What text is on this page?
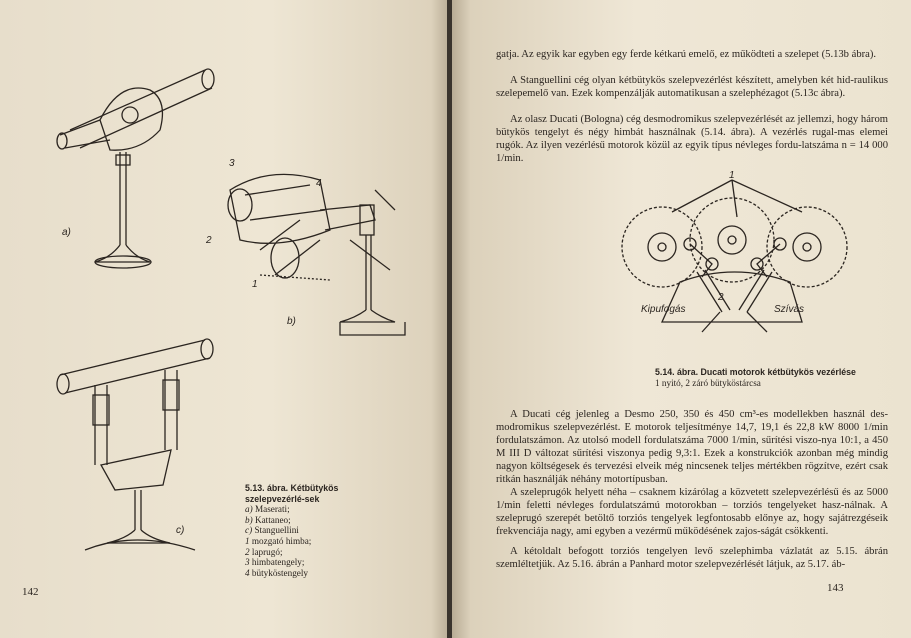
a)
b)
3
4
2
1
c)
5.13. ábra. Kétbütykös szelepvezérlé-sek
a) Maserati;
b) Kattaneo;
c) Stanguellini
1 mozgató himba;
2 laprugó;
3 himbatengely;
4 bütyköstengely
142

gatja. Az egyik kar egyben egy ferde kétkarú emelő, ez működteti a szelepet (5.13b ábra).

A Stanguellini cég olyan kétbütykös szelepvezérlést készített, amelyben két hid-raulikus szelepemelő van. Ezek kompenzálják automatikusan a szelephézagot (5.13c ábra).

Az olasz Ducati (Bologna) cég desmodromikus szelepvezérlését az jellemzi, hogy három bütykös tengelyt és négy himbát használnak (5.14. ábra). A vezérlés rugal-mas elemei rugók. Az ilyen vezérlésű motorok közül az egyik típus névleges fordu-latszáma n = 14 000 1/min.

1
2
Kipufogás	Szívás
5.14. ábra. Ducati motorok kétbütykös vezérlése
1 nyitó, 2 záró bütyköstárcsa

A Ducati cég jelenleg a Desmo 250, 350 és 450 cm³-es modellekben használ des-modromikus szelepvezérlést. E motorok teljesítménye 14,7, 19,1 és 22,8 kW 8000 1/min fordulatszámon. Az utolsó modell fordulatszáma 7000 1/min, sűrítési viszo-nya 10:1, a 450 M III D változat sűrítési viszonya pedig 9,3:1. Ezek a konstrukciók azonban még mindig nagyon költségesek és tervezési elveik még nincsenek teljes mértékben rögzítve, ezért csak ritkán használják néhány motortípusban.

A szeleprugók helyett néha – csaknem kizárólag a közvetett szelepvezérlésű és az 5000 1/min feletti névleges fordulatszámú motorokban – torziós tengelyeket hasz-nálnak. A szeleprugó szerepét betöltő torziós tengelyek legfontosabb előnye az, hogy sajátrezgéseik frekvenciája nagy, ami egyben a vezérmű működésének zajos-ságát csökkenti.

A kétoldalt befogott torziós tengelyen levő szelephimba vázlatát az 5.15. ábrán szemléltetjük. Az 5.16. ábrán a Panhard motor szelepvezérlését látjuk, az 5.17. áb-

143
